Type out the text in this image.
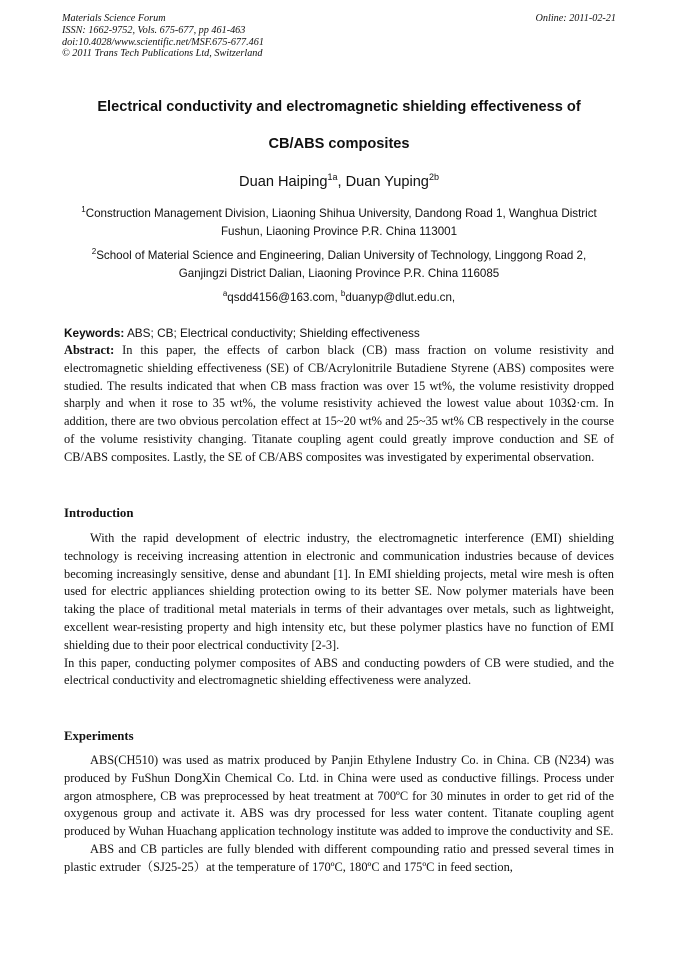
Materials Science Forum
ISSN: 1662-9752, Vols. 675-677, pp 461-463
doi:10.4028/www.scientific.net/MSF.675-677.461
© 2011 Trans Tech Publications Ltd, Switzerland
Online: 2011-02-21
Electrical conductivity and electromagnetic shielding effectiveness of
CB/ABS composites
Duan Haiping$^{1a}$, Duan Yuping$^{2b}$
$^1$Construction Management Division, Liaoning Shihua University, Dandong Road 1, Wanghua District Fushun, Liaoning Province P.R. China 113001
$^2$School of Material Science and Engineering, Dalian University of Technology, Linggong Road 2, Ganjingzi District Dalian, Liaoning Province P.R. China 116085
$^a$qsdd4156@163.com, $^b$duanyp@dlut.edu.cn,
Keywords: ABS; CB; Electrical conductivity; Shielding effectiveness

Abstract: In this paper, the effects of carbon black (CB) mass fraction on volume resistivity and electromagnetic shielding effectiveness (SE) of CB/Acrylonitrile Butadiene Styrene (ABS) composites were studied. The results indicated that when CB mass fraction was over 15 wt%, the volume resistivity dropped sharply and when it rose to 35 wt%, the volume resistivity achieved the lowest value about 103Ω·cm. In addition, there are two obvious percolation effect at 15~20 wt% and 25~35 wt% CB respectively in the course of the volume resistivity changing. Titanate coupling agent could greatly improve conduction and SE of CB/ABS composites. Lastly, the SE of CB/ABS composites was investigated by experimental observation.

Introduction

With the rapid development of electric industry, the electromagnetic interference (EMI) shielding technology is receiving increasing attention in electronic and communication industries because of devices becoming increasingly sensitive, dense and abundant [1]. In EMI shielding projects, metal wire mesh is often used for electric appliances shielding protection owing to its better SE. Now polymer materials have been taking the place of traditional metal materials in terms of their advantages over metals, such as lightweight, excellent wear-resisting property and high intensity etc, but these polymer plastics have no function of EMI shielding due to their poor electrical conductivity [2-3].

In this paper, conducting polymer composites of ABS and conducting powders of CB were studied, and the electrical conductivity and electromagnetic shielding effectiveness were analyzed.

Experiments

ABS(CH510) was used as matrix produced by Panjin Ethylene Industry Co. in China. CB (N234) was produced by FuShun DongXin Chemical Co. Ltd. in China were used as conductive fillings. Process under argon atmosphere, CB was preprocessed by heat treatment at 700ºC for 30 minutes in order to get rid of the oxygenous group and activate it. ABS was dry processed for less water content. Titanate coupling agent produced by Wuhan Huachang application technology institute was added to improve the conductivity and SE.

ABS and CB particles are fully blended with different compounding ratio and pressed several times in plastic extruder（SJ25-25）at the temperature of 170ºC, 180ºC and 175ºC in feed section,
